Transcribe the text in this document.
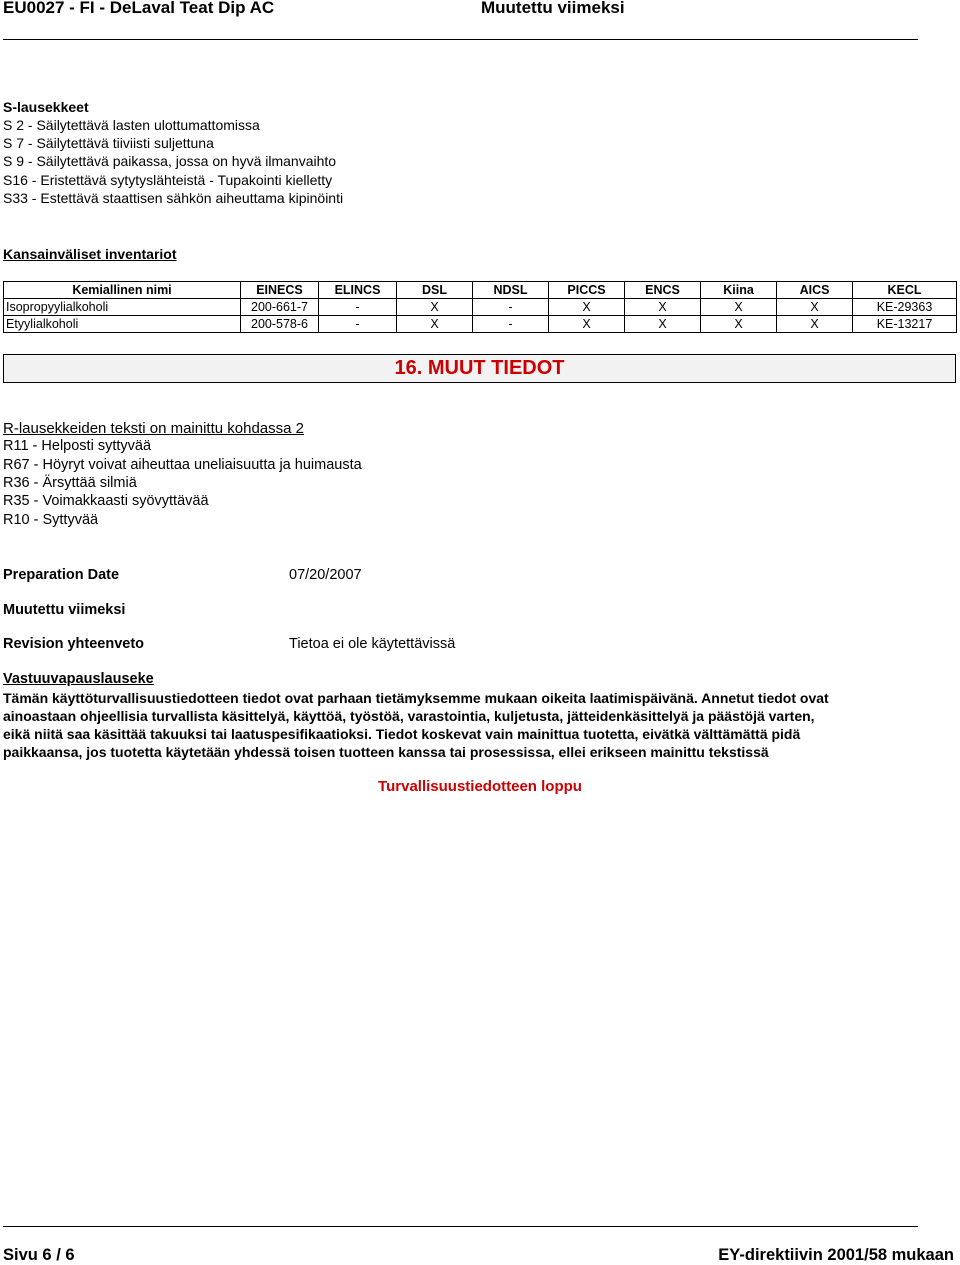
EU0027 - FI - DeLaval Teat Dip AC	Muutettu viimeksi
S-lausekkeet
S 2 - Säilytettävä lasten ulottumattomissa
S 7 - Säilytettävä tiiviisti suljettuna
S 9 - Säilytettävä paikassa, jossa on hyvä ilmanvaihto
S16 - Eristettävä sytytyslähteistä - Tupakointi kielletty
S33 - Estettävä staattisen sähkön aiheuttama kipinöinti
Kansainväliset inventariot
Kemiallinen nimi	EINECS	ELINCS	DSL	NDSL	PICCS	ENCS	Kiina	AICS	KECL
Isopropyylialkoholi	200-661-7	-	X	-	X	X	X	X	KE-29363
Etyylialkoholi	200-578-6	-	X	-	X	X	X	X	KE-13217
16. MUUT TIEDOT
R-lausekkeiden teksti on mainittu kohdassa 2
R11 - Helposti syttyvää
R67 - Höyryt voivat aiheuttaa uneliaisuutta ja huimausta
R36 - Ärsyttää silmiä
R35 - Voimakkaasti syövyttävää
R10 - Syttyvää
Preparation Date	07/20/2007
Muutettu viimeksi
Revision yhteenveto	Tietoa ei ole käytettävissä
Vastuuvapauslauseke
Tämän käyttöturvallisuustiedotteen tiedot ovat parhaan tietämyksemme mukaan oikeita laatimispäivänä. Annetut tiedot ovat
ainoastaan ohjeellisia turvallista käsittelyä, käyttöä, työstöä, varastointia, kuljetusta, jätteidenkäsittelyä ja päästöjä varten,
eikä niitä saa käsittää takuuksi tai laatuspesifikaatioksi. Tiedot koskevat vain mainittua tuotetta, eivätkä välttämättä pidä
paikkaansa, jos tuotetta käytetään yhdessä toisen tuotteen kanssa tai prosessissa, ellei erikseen mainittu tekstissä
Turvallisuustiedotteen loppu
Sivu 6 / 6	EY-direktiivin 2001/58 mukaan
